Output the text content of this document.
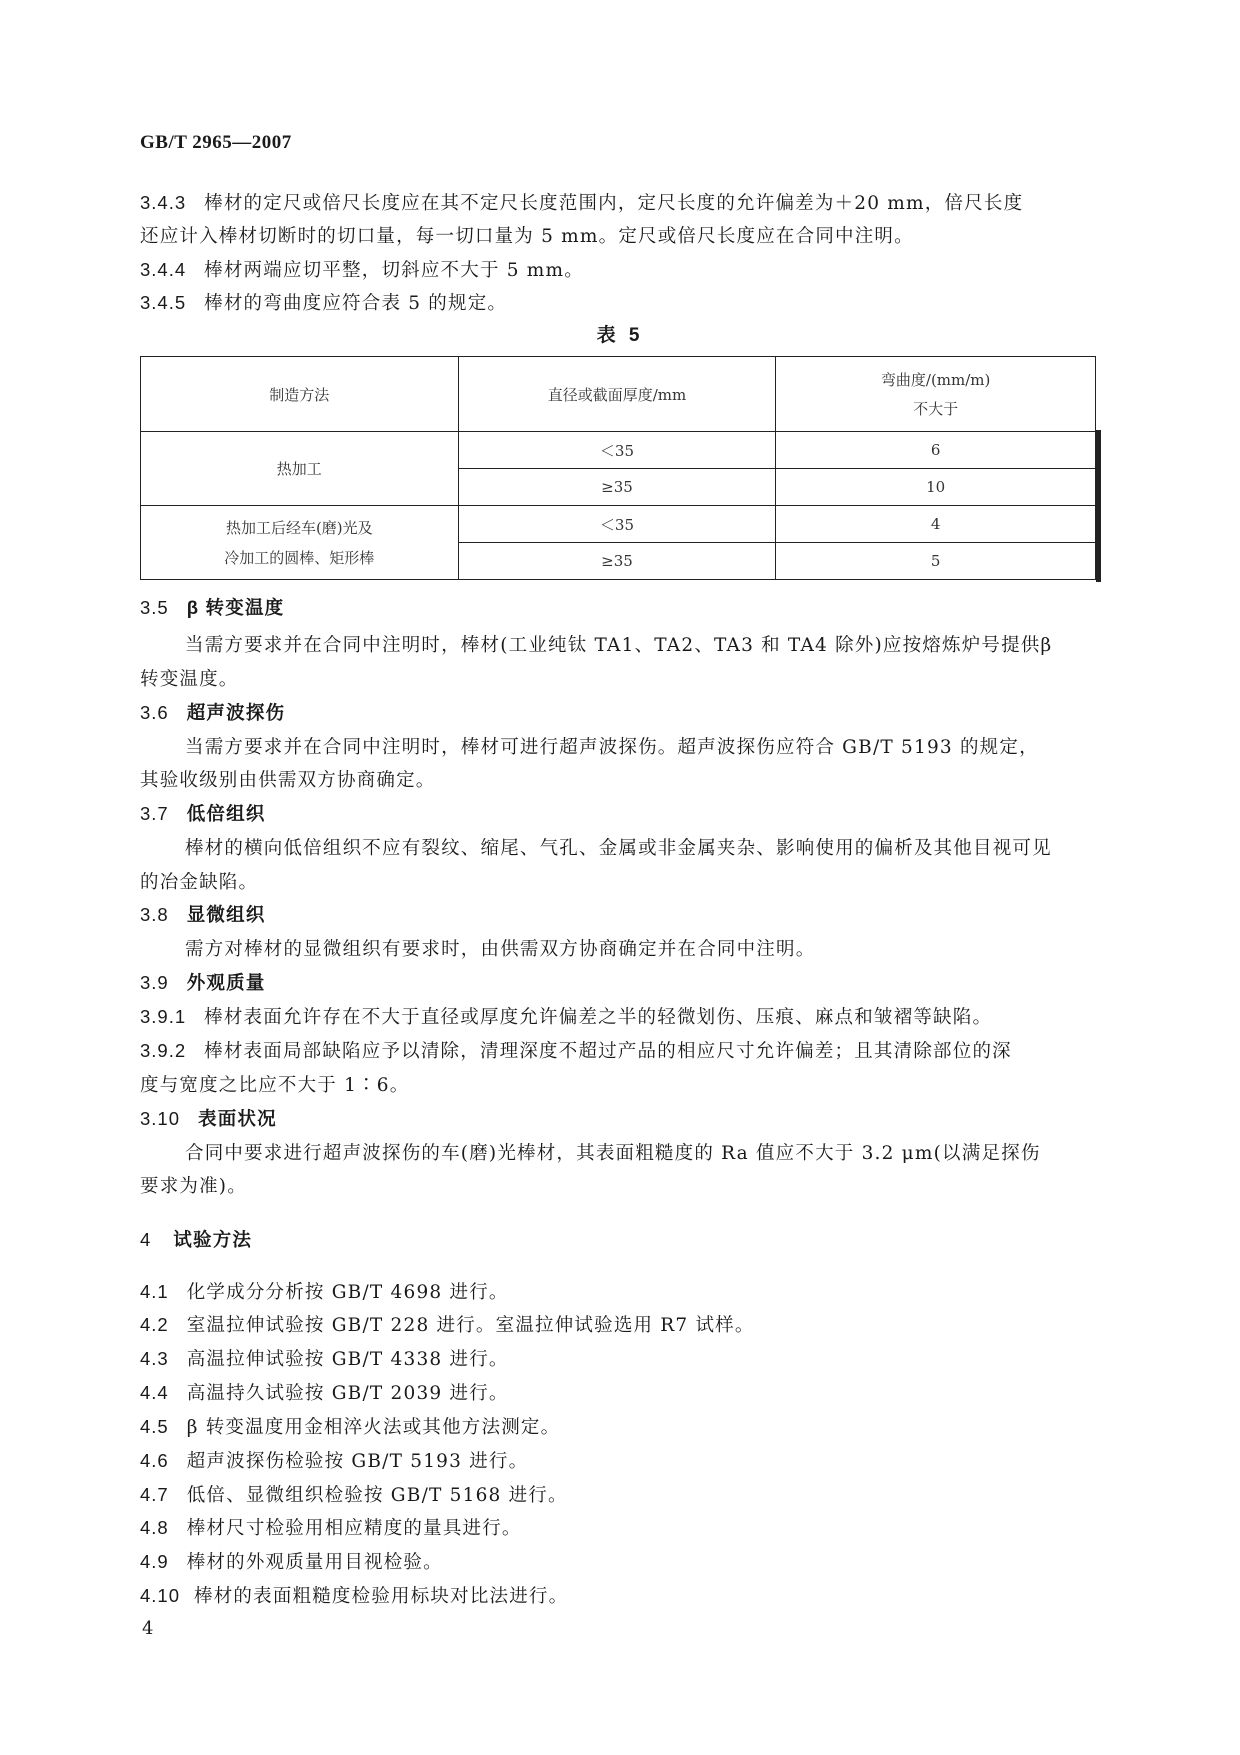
GB/T 2965—2007
3.4.3 棒材的定尺或倍尺长度应在其不定尺长度范围内，定尺长度的允许偏差为＋20 mm，倍尺长度
还应计入棒材切断时的切口量，每一切口量为 5 mm。定尺或倍尺长度应在合同中注明。
3.4.4 棒材两端应切平整，切斜应不大于 5 mm。
3.4.5 棒材的弯曲度应符合表 5 的规定。
表 5
制造方法	直径或截面厚度/mm	弯曲度/(mm/m)
不大于

热加工	＜35	6
	≥35	10

热加工后经车(磨)光及
冷加工的圆棒、矩形棒	＜35	4
	≥35	5
3.5 β 转变温度
当需方要求并在合同中注明时，棒材(工业纯钛 TA1、TA2、TA3 和 TA4 除外)应按熔炼炉号提供β
转变温度。
3.6 超声波探伤
当需方要求并在合同中注明时，棒材可进行超声波探伤。超声波探伤应符合 GB/T 5193 的规定，
其验收级别由供需双方协商确定。
3.7 低倍组织
棒材的横向低倍组织不应有裂纹、缩尾、气孔、金属或非金属夹杂、影响使用的偏析及其他目视可见
的冶金缺陷。
3.8 显微组织
需方对棒材的显微组织有要求时，由供需双方协商确定并在合同中注明。
3.9 外观质量
3.9.1 棒材表面允许存在不大于直径或厚度允许偏差之半的轻微划伤、压痕、麻点和皱褶等缺陷。
3.9.2 棒材表面局部缺陷应予以清除，清理深度不超过产品的相应尺寸允许偏差；且其清除部位的深
度与宽度之比应不大于 1∶6。
3.10 表面状况
合同中要求进行超声波探伤的车(磨)光棒材，其表面粗糙度的 Ra 值应不大于 3.2 μm(以满足探伤
要求为准)。
4 试验方法
4.1 化学成分分析按 GB/T 4698 进行。
4.2 室温拉伸试验按 GB/T 228 进行。室温拉伸试验选用 R7 试样。
4.3 高温拉伸试验按 GB/T 4338 进行。
4.4 高温持久试验按 GB/T 2039 进行。
4.5 β 转变温度用金相淬火法或其他方法测定。
4.6 超声波探伤检验按 GB/T 5193 进行。
4.7 低倍、显微组织检验按 GB/T 5168 进行。
4.8 棒材尺寸检验用相应精度的量具进行。
4.9 棒材的外观质量用目视检验。
4.10 棒材的表面粗糙度检验用标块对比法进行。
4
